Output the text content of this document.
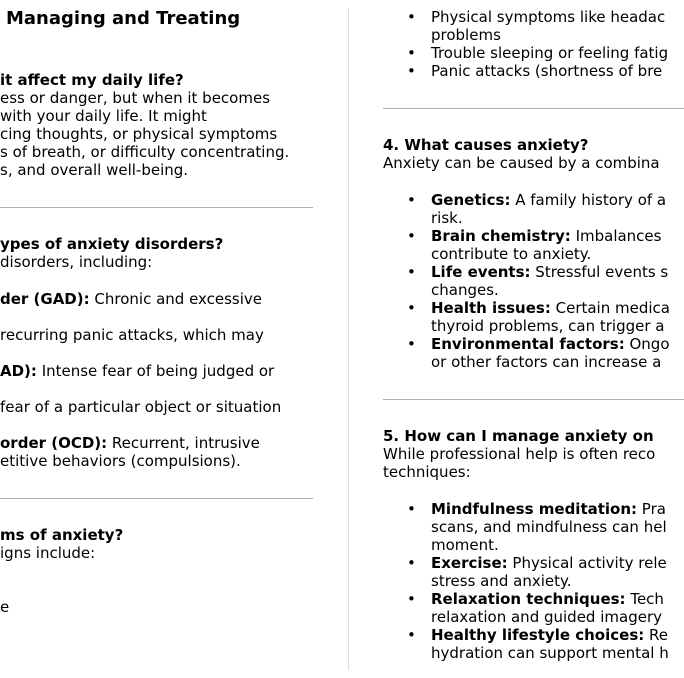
Managing and Treating
it affect my daily life?
ess or danger, but when it becomes
with your daily life. It might
cing thoughts, or physical symptoms
s of breath, or difficulty concentrating.
s, and overall well-being.
ypes of anxiety disorders?
disorders, including:
der (GAD): Chronic and excessive
recurring panic attacks, which may
AD): Intense fear of being judged or
fear of a particular object or situation
order (OCD): Recurrent, intrusive
etitive behaviors (compulsions).
ms of anxiety?
igns include:
e
• Physical symptoms like headac
problems
• Trouble sleeping or feeling fatig
• Panic attacks (shortness of bre
4. What causes anxiety?
Anxiety can be caused by a combina
• Genetics: A family history of a
risk.
• Brain chemistry: Imbalances
contribute to anxiety.
• Life events: Stressful events s
changes.
• Health issues: Certain medica
thyroid problems, can trigger a
• Environmental factors: Ongo
or other factors can increase a
5. How can I manage anxiety on
While professional help is often reco
techniques:
• Mindfulness meditation: Pra
scans, and mindfulness can hel
moment.
• Exercise: Physical activity rele
stress and anxiety.
• Relaxation techniques: Tech
relaxation and guided imagery
• Healthy lifestyle choices: Re
hydration can support mental h
